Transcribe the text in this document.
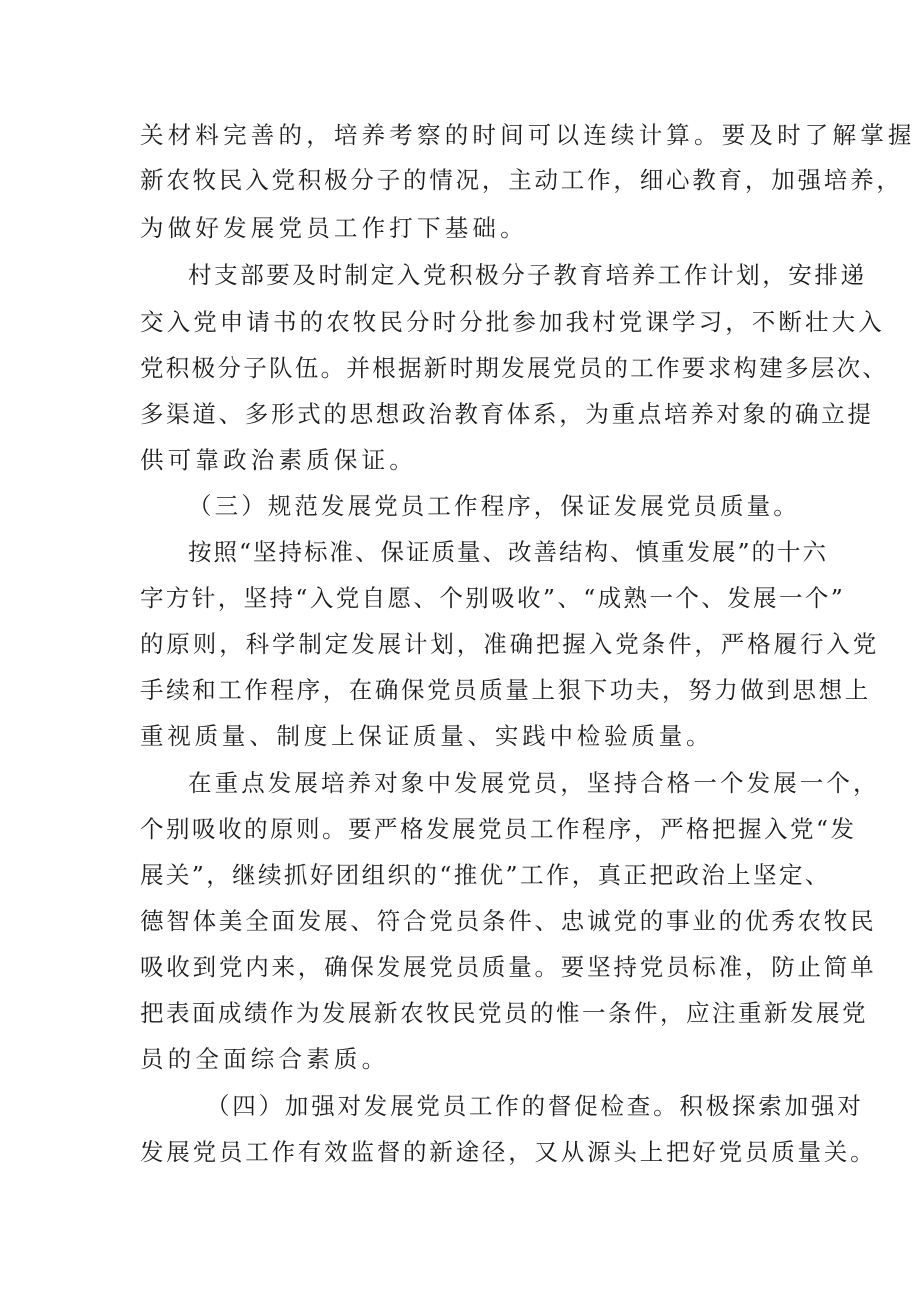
关材料完善的，培养考察的时间可以连续计算。要及时了解掌握
新农牧民入党积极分子的情况，主动工作，细心教育，加强培养，
为做好发展党员工作打下基础。
村支部要及时制定入党积极分子教育培养工作计划，安排递
交入党申请书的农牧民分时分批参加我村党课学习，不断壮大入
党积极分子队伍。并根据新时期发展党员的工作要求构建多层次、
多渠道、多形式的思想政治教育体系，为重点培养对象的确立提
供可靠政治素质保证。
（三）规范发展党员工作程序，保证发展党员质量。
按照“坚持标准、保证质量、改善结构、慎重发展”的十六
字方针，坚持“入党自愿、个别吸收”、“成熟一个、发展一个”
的原则，科学制定发展计划，准确把握入党条件，严格履行入党
手续和工作程序，在确保党员质量上狠下功夫，努力做到思想上
重视质量、制度上保证质量、实践中检验质量。
在重点发展培养对象中发展党员，坚持合格一个发展一个，
个别吸收的原则。要严格发展党员工作程序，严格把握入党“发
展关”，继续抓好团组织的“推优”工作，真正把政治上坚定、
德智体美全面发展、符合党员条件、忠诚党的事业的优秀农牧民
吸收到党内来，确保发展党员质量。要坚持党员标准，防止简单
把表面成绩作为发展新农牧民党员的惟一条件，应注重新发展党
员的全面综合素质。
（四）加强对发展党员工作的督促检查。积极探索加强对
发展党员工作有效监督的新途径，又从源头上把好党员质量关。
